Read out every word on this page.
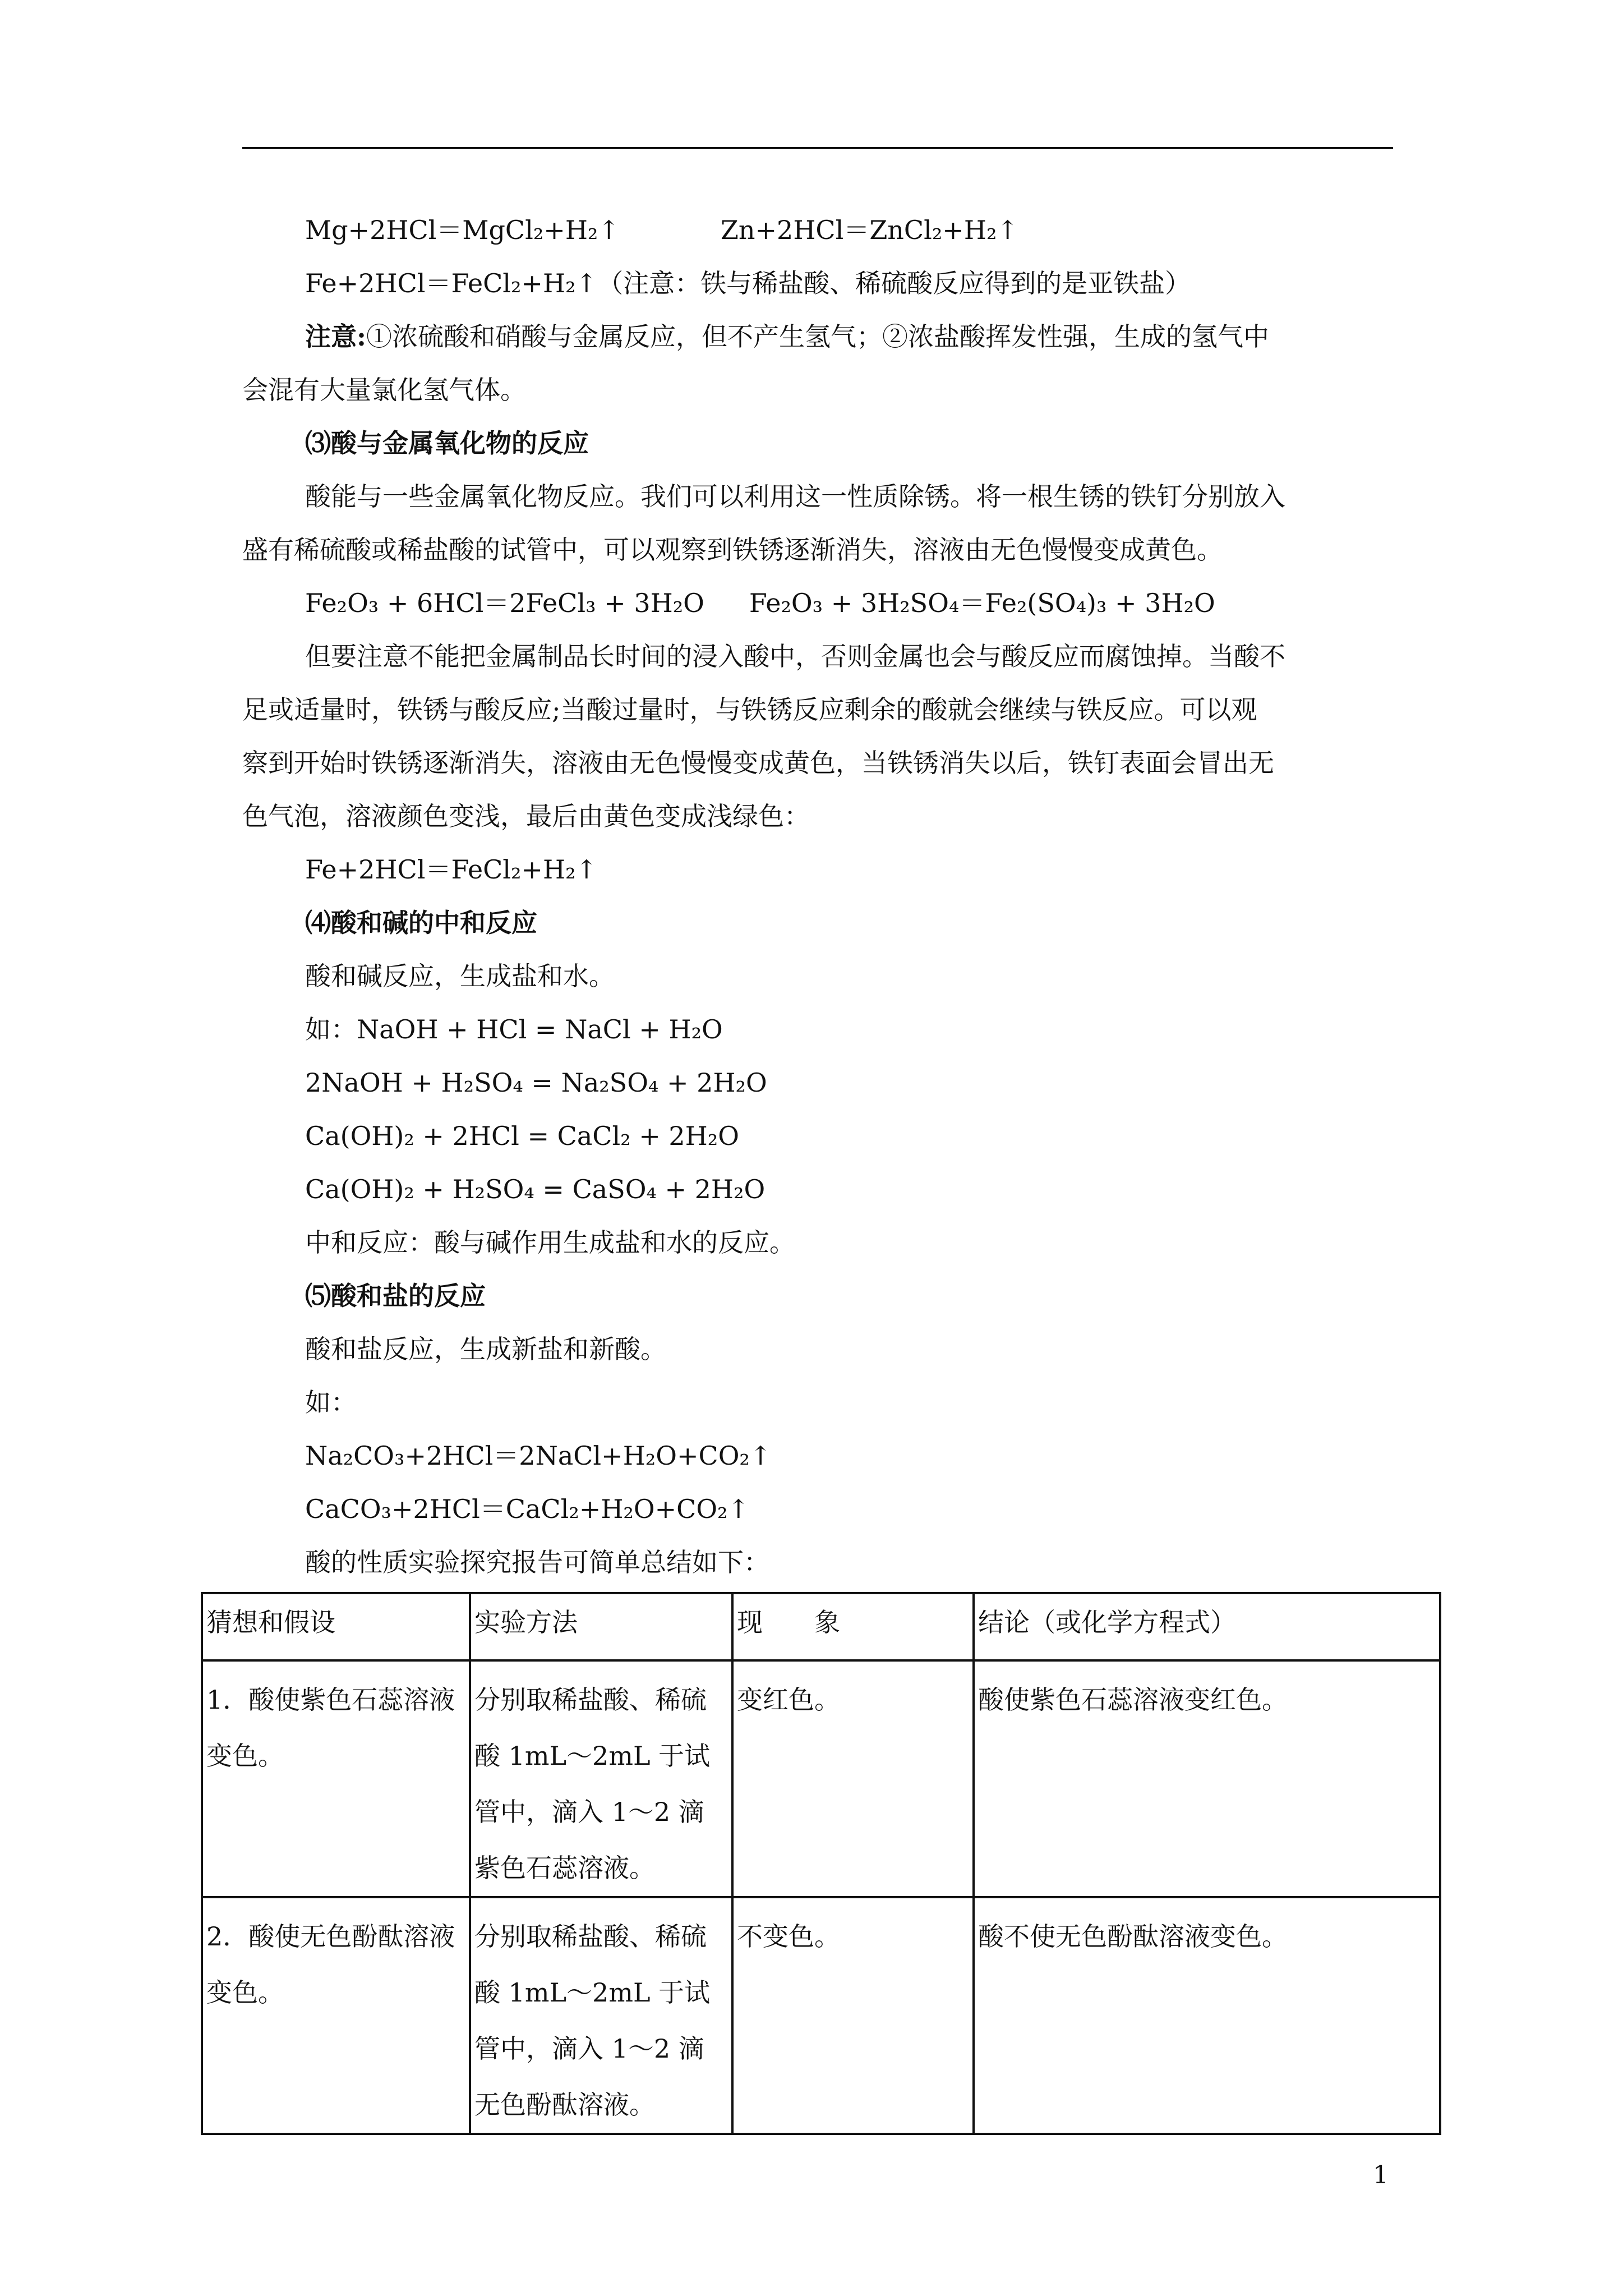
Mg+2HCl＝MgCl₂+H₂↑	Zn+2HCl＝ZnCl₂+H₂↑
Fe+2HCl＝FeCl₂+H₂↑（注意：铁与稀盐酸、稀硫酸反应得到的是亚铁盐）
注意:①浓硫酸和硝酸与金属反应，但不产生氢气；②浓盐酸挥发性强，生成的氢气中
会混有大量氯化氢气体。
⑶酸与金属氧化物的反应
酸能与一些金属氧化物反应。我们可以利用这一性质除锈。将一根生锈的铁钉分别放入
盛有稀硫酸或稀盐酸的试管中，可以观察到铁锈逐渐消失，溶液由无色慢慢变成黄色。
Fe₂O₃ + 6HCl＝2FeCl₃ + 3H₂O Fe₂O₃ + 3H₂SO₄＝Fe₂(SO₄)₃ + 3H₂O
但要注意不能把金属制品长时间的浸入酸中，否则金属也会与酸反应而腐蚀掉。当酸不
足或适量时，铁锈与酸反应;当酸过量时，与铁锈反应剩余的酸就会继续与铁反应。可以观
察到开始时铁锈逐渐消失，溶液由无色慢慢变成黄色，当铁锈消失以后，铁钉表面会冒出无
色气泡，溶液颜色变浅，最后由黄色变成浅绿色：
Fe+2HCl＝FeCl₂+H₂↑
⑷酸和碱的中和反应
酸和碱反应，生成盐和水。
如：NaOH + HCl = NaCl + H₂O
2NaOH + H₂SO₄ = Na₂SO₄ + 2H₂O
Ca(OH)₂ + 2HCl = CaCl₂ + 2H₂O
Ca(OH)₂ + H₂SO₄ = CaSO₄ + 2H₂O
中和反应：酸与碱作用生成盐和水的反应。
⑸酸和盐的反应
酸和盐反应，生成新盐和新酸。
如：
Na₂CO₃+2HCl＝2NaCl+H₂O+CO₂↑
CaCO₃+2HCl＝CaCl₂+H₂O+CO₂↑
酸的性质实验探究报告可简单总结如下：
猜想和假设	实验方法	现　　象	结论（或化学方程式）
1．酸使紫色石蕊溶液变色。	分别取稀盐酸、稀硫酸 1mL～2mL 于试管中，滴入 1～2 滴紫色石蕊溶液。	变红色。	酸使紫色石蕊溶液变红色。
2．酸使无色酚酞溶液变色。	分别取稀盐酸、稀硫酸 1mL～2mL 于试管中，滴入 1～2 滴无色酚酞溶液。	不变色。	酸不使无色酚酞溶液变色。
1
